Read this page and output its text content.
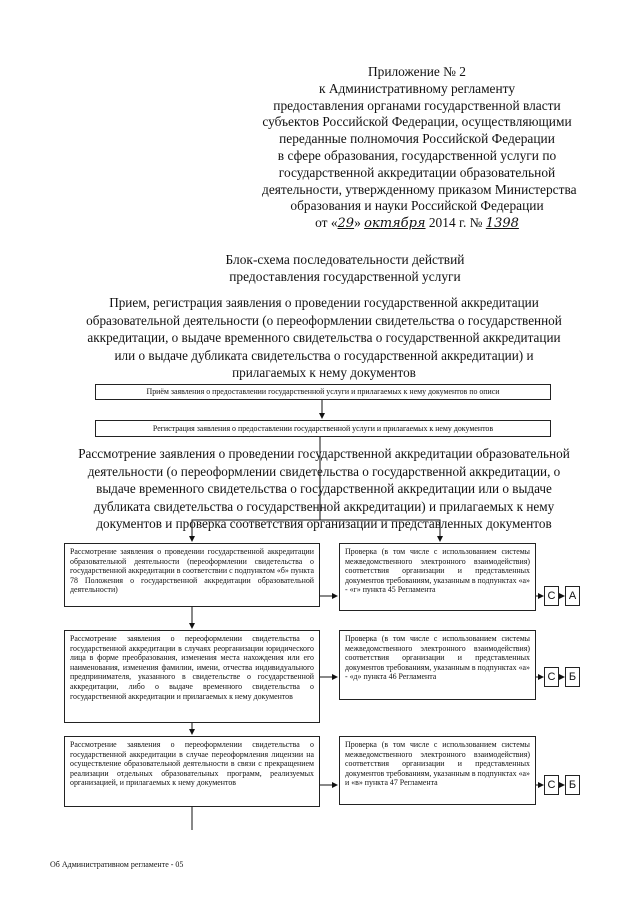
Приложение № 2
к Административному регламенту
предоставления органами государственной власти
субъектов Российской Федерации, осуществляющими
переданные полномочия Российской Федерации
в сфере образования, государственной услуги по
государственной аккредитации образовательной
деятельности, утвержденному приказом Министерства
образования и науки Российской Федерации
от «29» октября 2014 г. № 1398
Блок-схема последовательности действий
предоставления государственной услуги
Прием, регистрация заявления о проведении государственной аккредитации
образовательной деятельности (о переоформлении свидетельства о государственной
аккредитации, о выдаче временного свидетельства о государственной аккредитации
или о выдаче дубликата свидетельства о государственной аккредитации) и
прилагаемых к нему документов
Приём заявления о предоставлении государственной услуги и прилагаемых к нему документов по описи
Регистрация заявления о предоставлении государственной услуги и прилагаемых к нему документов
Рассмотрение заявления о проведении государственной аккредитации образовательной
деятельности (о переоформлении свидетельства о государственной аккредитации, о
выдаче временного свидетельства о государственной аккредитации или о выдаче
дубликата свидетельства о государственной аккредитации) и прилагаемых к нему
документов и проверка соответствия организации и представленных документов
Рассмотрение заявления о проведении государственной аккредитации образовательной деятельности (переоформлении свидетельства о государственной аккредитации в соответствии с подпунктом «б» пункта 78 Положения о государственной аккредитации образовательной деятельности)
Проверка (в том числе с использованием системы межведомственного электронного взаимодействия) соответствия организации и представленных документов требованиям, указанным в подпунктах «а» - «г» пункта 45 Регламента
С	А
Рассмотрение заявления о переоформлении свидетельства о государственной аккредитации в случаях реорганизации юридического лица в форме преобразования, изменения места нахождения или его наименования, изменения фамилии, имени, отчества индивидуального предпринимателя, указанного в свидетельстве о государственной аккредитации, либо о выдаче временного свидетельства о государственной аккредитации и прилагаемых к нему документов
Проверка (в том числе с использованием системы межведомственного электронного взаимодействия) соответствия организации и представленных документов требованиям, указанным в подпунктах «а» - «д» пункта 46 Регламента	С	Б
Рассмотрение заявления о переоформлении свидетельства о государственной аккредитации в случае переоформления лицензии на осуществление образовательной деятельности в связи с прекращением реализации отдельных образовательных программ, реализуемых организацией, и прилагаемых к нему документов
Проверка (в том числе с использованием системы межведомственного электронного взаимодействия) соответствия организации и представленных документов требованиям, указанным в подпунктах «а» и «в» пункта 47 Регламента	С	Б
Об Административном регламенте - 05
